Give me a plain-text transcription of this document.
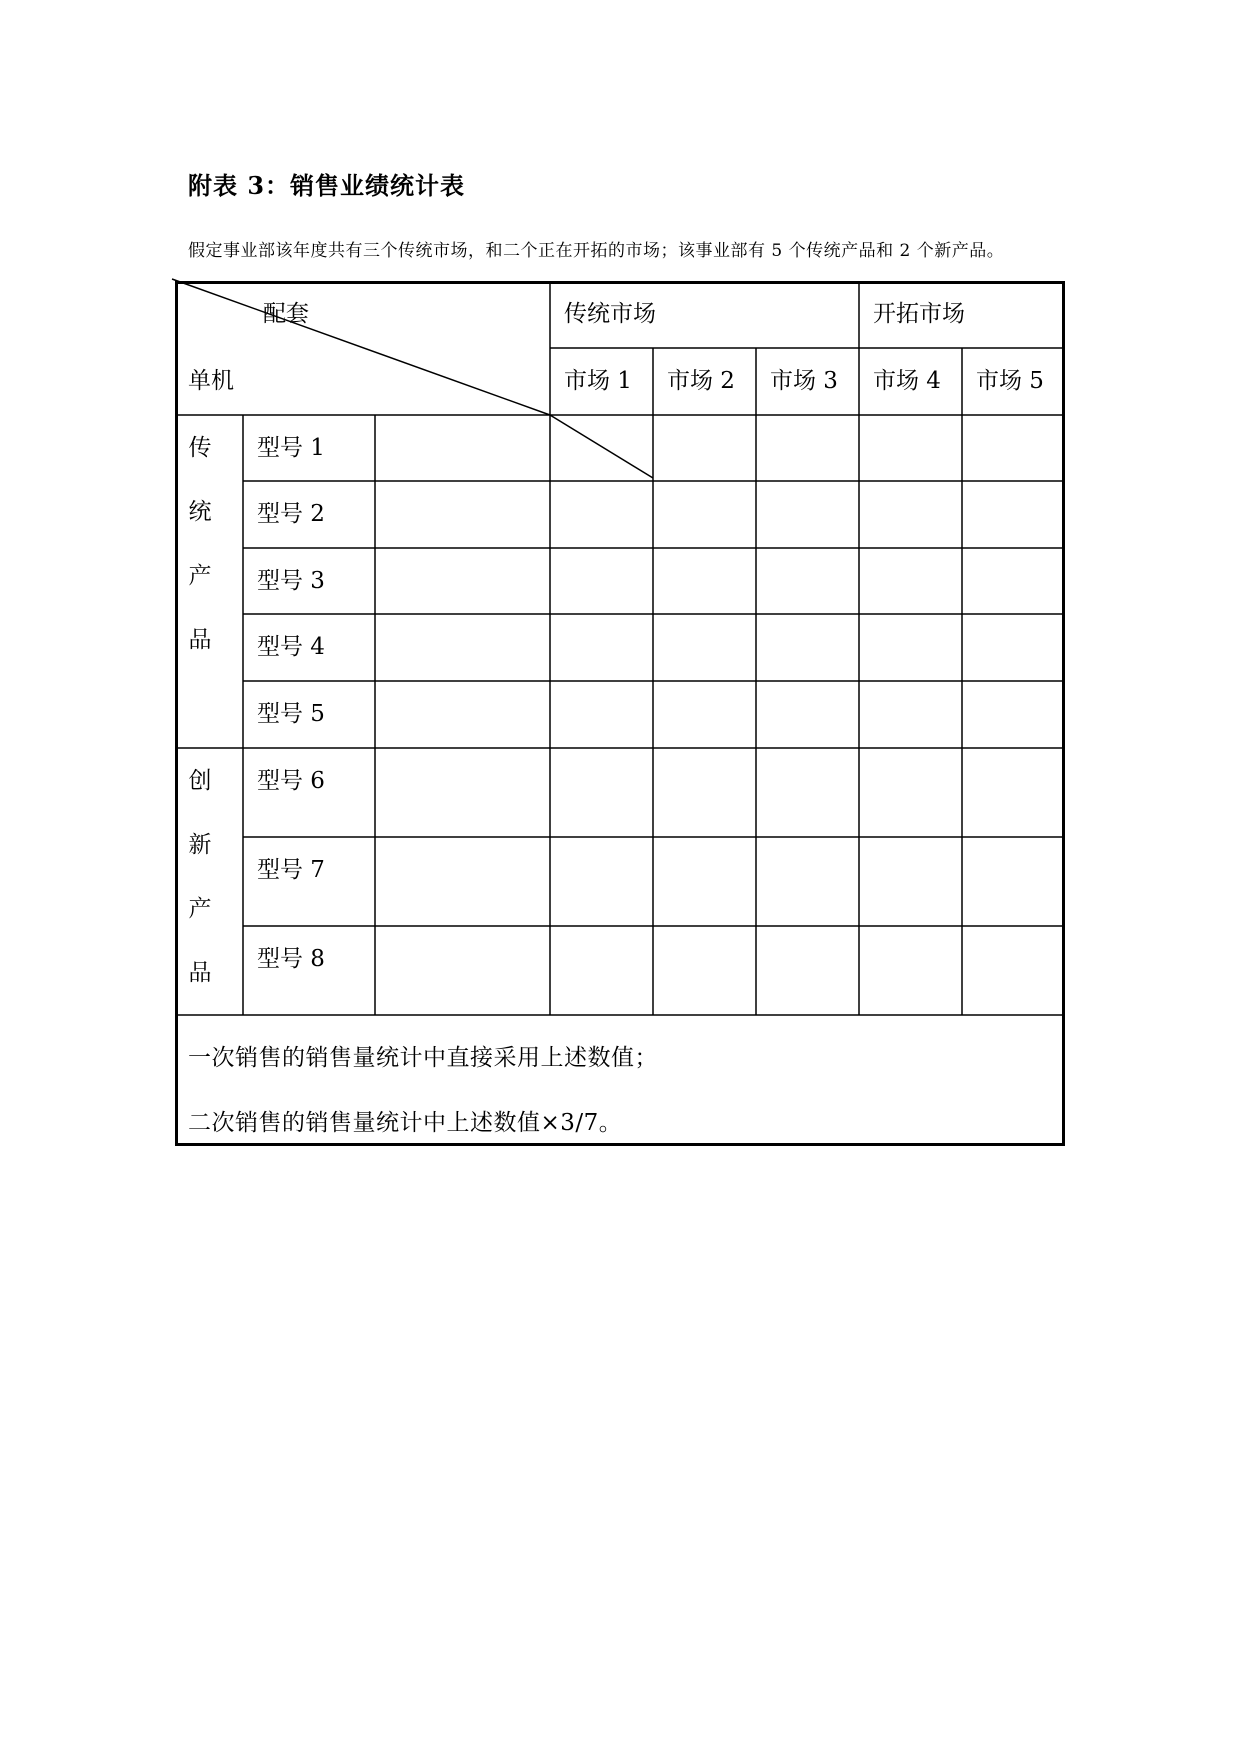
附表 3：销售业绩统计表
假定事业部该年度共有三个传统市场，和二个正在开拓的市场；该事业部有 5 个传统产品和 2 个新产品。
配套
单机
传统市场	开拓市场
市场 1 市场 2 市场 3 市场 4
传
统
产
品
创
新
产
品
型号 1
型号 2
型号 3
型号 4
型号 5
型号 6
型号 7
型号 8
一次销售的销售量统计中直接采用上述数值；
二次销售的销售量统计中上述数值×3/7。
市场 5
